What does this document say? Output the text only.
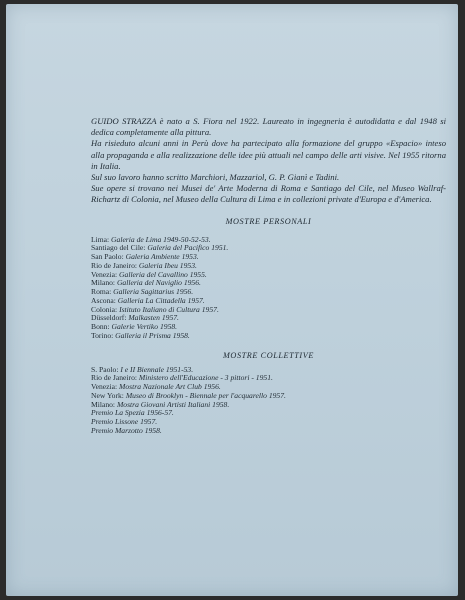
GUIDO STRAZZA è nato a S. Fiora nel 1922. Laureato in ingegneria è autodidatta e dal 1948 si dedica completamente alla pittura.

Ha risieduto alcuni anni in Perù dove ha partecipato alla formazione del gruppo «Espacio» inteso alla propaganda e alla realizzazione delle idee più attuali nel campo delle arti visive. Nel 1955 ritorna in Italia.

Sul suo lavoro hanno scritto Marchiori, Mazzariol, G. P. Gianì e Tadini.

Sue opere si trovano nei Musei de' Arte Moderna di Roma e Santiago del Cile, nel Museo Wallraf-Richartz di Colonia, nel Museo della Cultura di Lima e in collezioni private d'Europa e d'America.

MOSTRE PERSONALI
Lima: Galeria de Lima 1949-50-52-53.
Santiago del Cile: Galeria del Pacifico 1951.
San Paolo: Galeria Ambiente 1953.
Rio de Janeiro: Galeria Ibeu 1953.
Venezia: Galleria del Cavallino 1955.
Milano: Galleria del Naviglio 1956.
Roma: Galleria Sagittarius 1956.
Ascona: Galleria La Cittadella 1957.
Colonia: Istituto Italiano di Cultura 1957.
Düsseldorf: Malkasten 1957.
Bonn: Galerie Vertiko 1958.
Torino: Galleria il Prisma 1958.
MOSTRE COLLETTIVE
S. Paolo: I e II Biennale 1951-53.
Rio de Janeiro: Ministero dell'Educazione - 3 pittori - 1951.
Venezia: Mostra Nazionale Art Club 1956.
New York: Museo di Brooklyn - Biennale per l'acquarello 1957.
Milano: Mostra Giovani Artisti Italiani 1958.
Premio La Spezia 1956-57.
Premio Lissone 1957.
Premio Marzotto 1958.
